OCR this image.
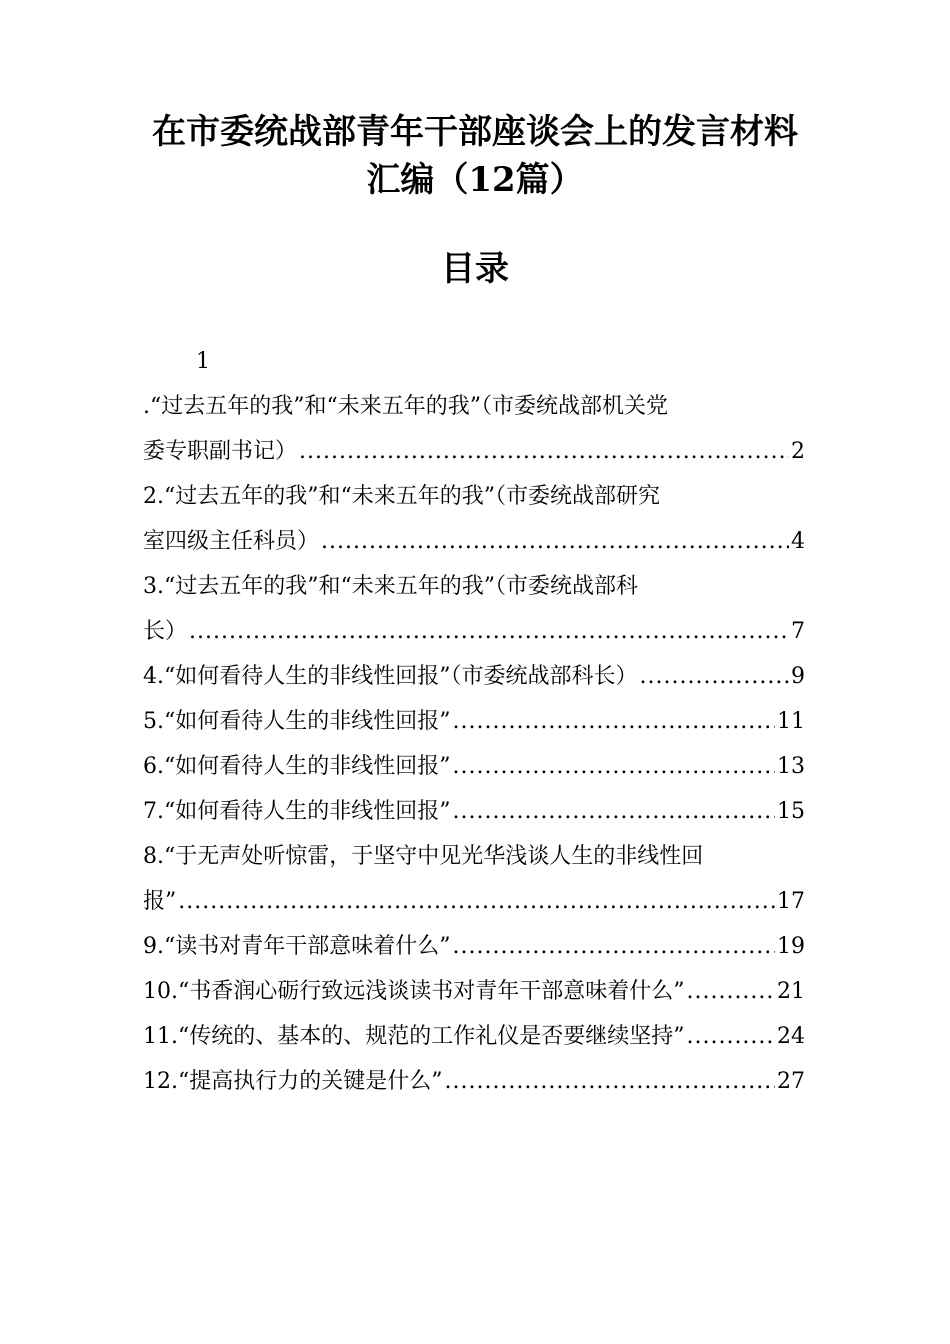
在市委统战部青年干部座谈会上的发言材料汇编（12篇）
目录
1
.“过去五年的我”和“未来五年的我”（市委统战部机关党
委专职副书记） .....	2
2.“过去五年的我”和“未来五年的我”（市委统战部研究
室四级主任科员） .....	4
3.“过去五年的我”和“未来五年的我”（市委统战部科
长） .....	7
4.“如何看待人生的非线性回报”（市委统战部科长） .....	9
5.“如何看待人生的非线性回报” .....	11
6.“如何看待人生的非线性回报” .....	13
7.“如何看待人生的非线性回报” .....	15
8.“于无声处听惊雷，于坚守中见光华浅谈人生的非线性回
报” .....	17
9.“读书对青年干部意味着什么” .....	19
10.“书香润心砺行致远浅谈读书对青年干部意味着什么” .....	21
11.“传统的、基本的、规范的工作礼仪是否要继续坚持” .....	24
12.“提高执行力的关键是什么” .....	27
